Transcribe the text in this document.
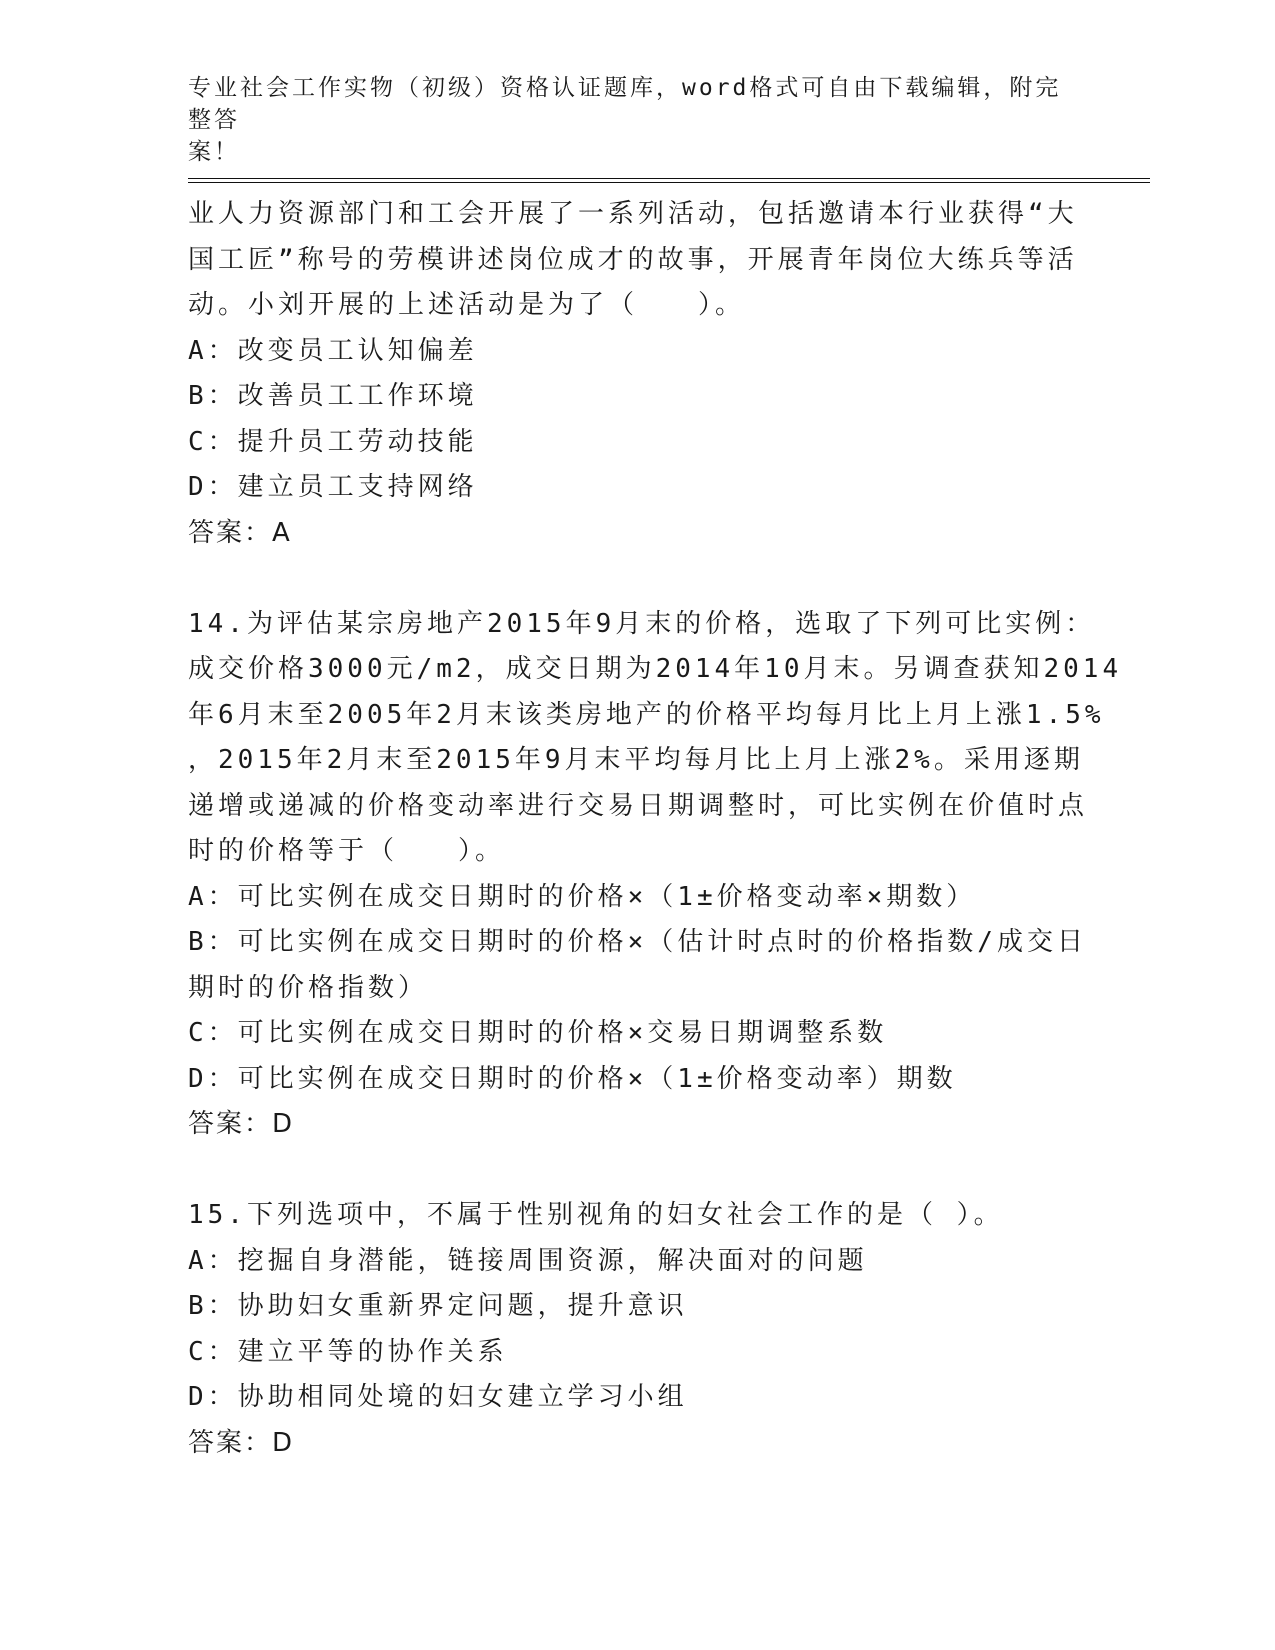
专业社会工作实物（初级）资格认证题库，word格式可自由下载编辑，附完整答
案！
业人力资源部门和工会开展了一系列活动，包括邀请本行业获得“大
国工匠”称号的劳模讲述岗位成才的故事，开展青年岗位大练兵等活
动。小刘开展的上述活动是为了（　　）。
A：改变员工认知偏差
B：改善员工工作环境
C：提升员工劳动技能
D：建立员工支持网络
答案：A
14.为评估某宗房地产2015年9月末的价格，选取了下列可比实例：
成交价格3000元/m2，成交日期为2014年10月末。另调查获知2014
年6月末至2005年2月末该类房地产的价格平均每月比上月上涨1.5%
，2015年2月末至2015年9月末平均每月比上月上涨2%。采用逐期
递增或递减的价格变动率进行交易日期调整时，可比实例在价值时点
时的价格等于（　　）。
A：可比实例在成交日期时的价格×（1±价格变动率×期数）
B：可比实例在成交日期时的价格×（估计时点时的价格指数/成交日
期时的价格指数）
C：可比实例在成交日期时的价格×交易日期调整系数
D：可比实例在成交日期时的价格×（1±价格变动率）期数
答案：D
15.下列选项中，不属于性别视角的妇女社会工作的是（ ）。
A：挖掘自身潜能，链接周围资源，解决面对的问题
B：协助妇女重新界定问题，提升意识
C：建立平等的协作关系
D：协助相同处境的妇女建立学习小组
答案：D
